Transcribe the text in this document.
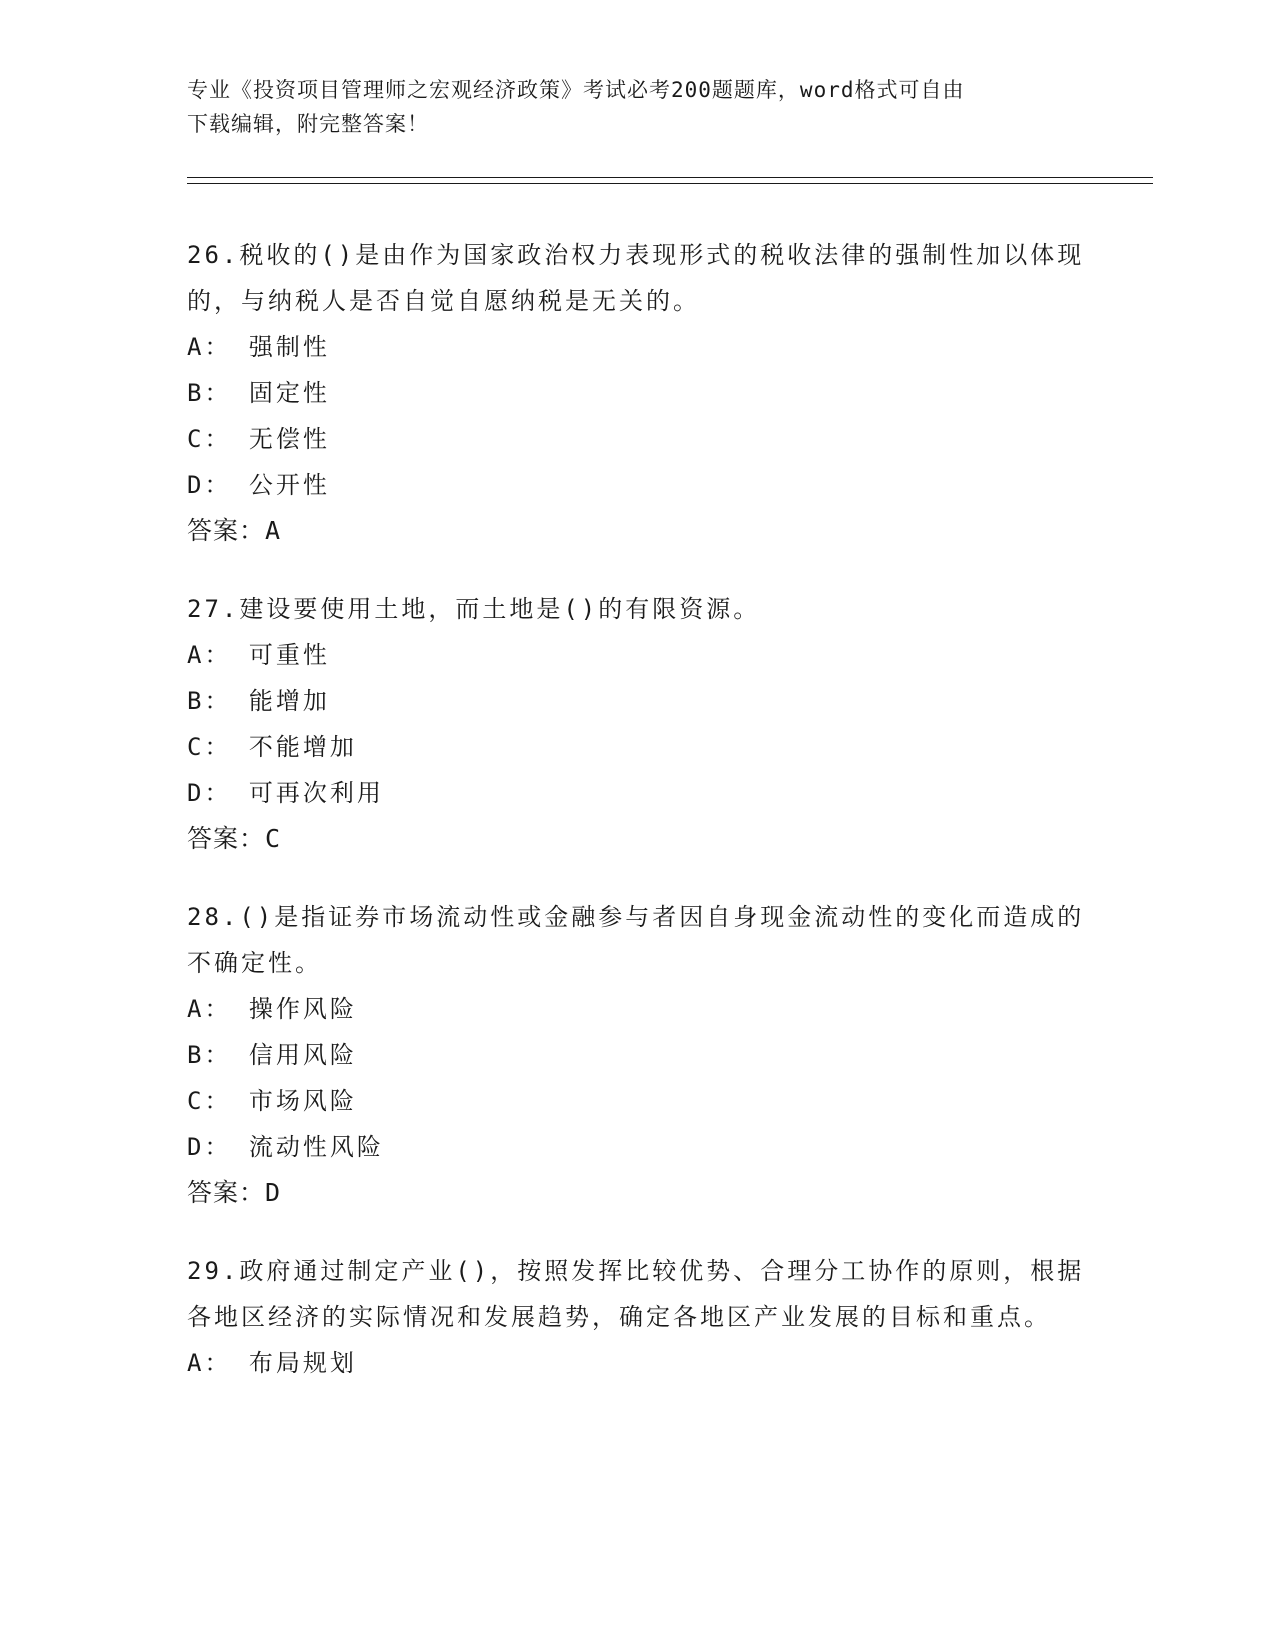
专业《投资项目管理师之宏观经济政策》考试必考200题题库，word格式可自由
下载编辑，附完整答案！

26.税收的()是由作为国家政治权力表现形式的税收法律的强制性加以体现的，与纳税人是否自觉自愿纳税是无关的。

A： 强制性

B： 固定性

C： 无偿性

D： 公开性

答案：A

27.建设要使用土地，而土地是()的有限资源。

A： 可重性

B： 能增加

C： 不能增加

D： 可再次利用

答案：C

28.()是指证券市场流动性或金融参与者因自身现金流动性的变化而造成的不确定性。

A： 操作风险

B： 信用风险

C： 市场风险

D： 流动性风险

答案：D

29.政府通过制定产业()，按照发挥比较优势、合理分工协作的原则，根据各地区经济的实际情况和发展趋势，确定各地区产业发展的目标和重点。

A： 布局规划
